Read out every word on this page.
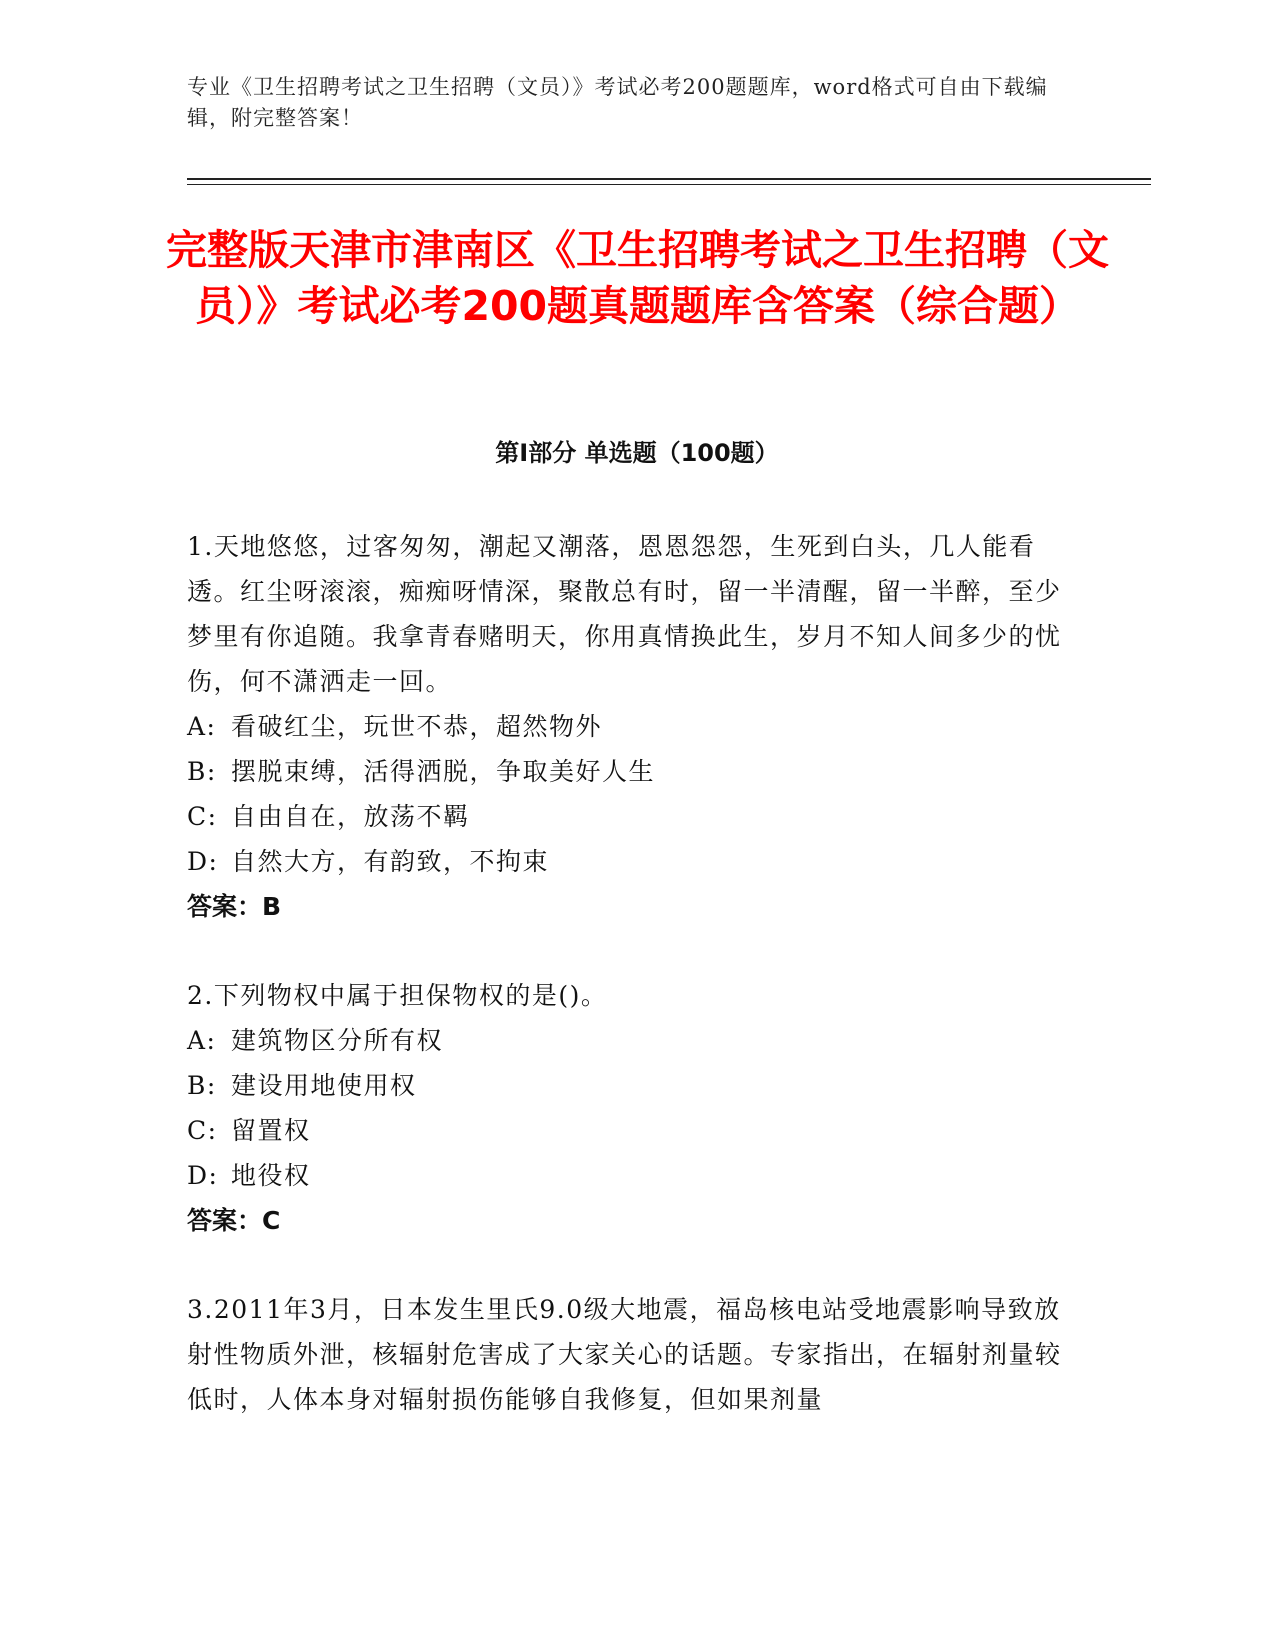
专业《卫生招聘考试之卫生招聘（文员）》考试必考200题题库，word格式可自由下载编辑，附完整答案！
完整版天津市津南区《卫生招聘考试之卫生招聘（文员）》考试必考200题真题题库含答案（综合题）
第Ⅰ部分 单选题（100题）

1.天地悠悠，过客匆匆，潮起又潮落，恩恩怨怨，生死到白头，几人能看透。红尘呀滚滚，痴痴呀情深，聚散总有时，留一半清醒，留一半醉，至少梦里有你追随。我拿青春赌明天，你用真情换此生，岁月不知人间多少的忧伤，何不潇洒走一回。

A: 看破红尘，玩世不恭，超然物外

B: 摆脱束缚，活得洒脱，争取美好人生

C: 自由自在，放荡不羁

D: 自然大方，有韵致，不拘束

答案：B

2.下列物权中属于担保物权的是()。

A: 建筑物区分所有权

B: 建设用地使用权

C: 留置权

D: 地役权

答案：C

3.2011年3月，日本发生里氏9.0级大地震，福岛核电站受地震影响导致放射性物质外泄，核辐射危害成了大家关心的话题。专家指出，在辐射剂量较低时，人体本身对辐射损伤能够自我修复，但如果剂量
